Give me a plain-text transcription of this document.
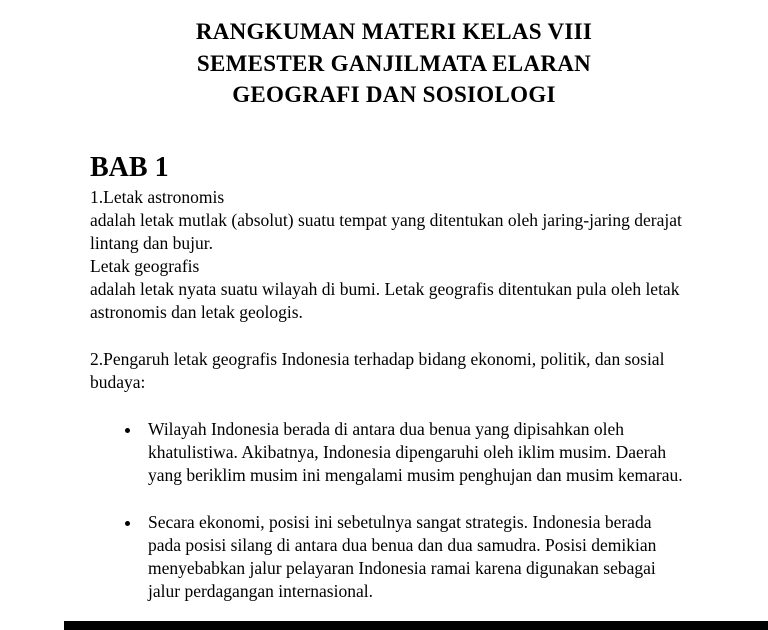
RANGKUMAN MATERI KELAS VIII
SEMESTER GANJILMATA ELARAN
GEOGRAFI DAN SOSIOLOGI
BAB 1

1.Letak astronomis

adalah letak mutlak (absolut) suatu tempat yang ditentukan oleh jaring-jaring derajat lintang dan bujur.

Letak geografis

adalah letak nyata suatu wilayah di bumi. Letak geografis ditentukan pula oleh letak astronomis dan letak geologis.

2.Pengaruh letak geografis Indonesia terhadap bidang ekonomi, politik, dan sosial budaya:

• Wilayah Indonesia berada di antara dua benua yang dipisahkan oleh khatulistiwa. Akibatnya, Indonesia dipengaruhi oleh iklim musim. Daerah yang beriklim musim ini mengalami musim penghujan dan musim kemarau.
• Secara ekonomi, posisi ini sebetulnya sangat strategis. Indonesia berada pada posisi silang di antara dua benua dan dua samudra. Posisi demikian menyebabkan jalur pelayaran Indonesia ramai karena digunakan sebagai jalur perdagangan internasional.
